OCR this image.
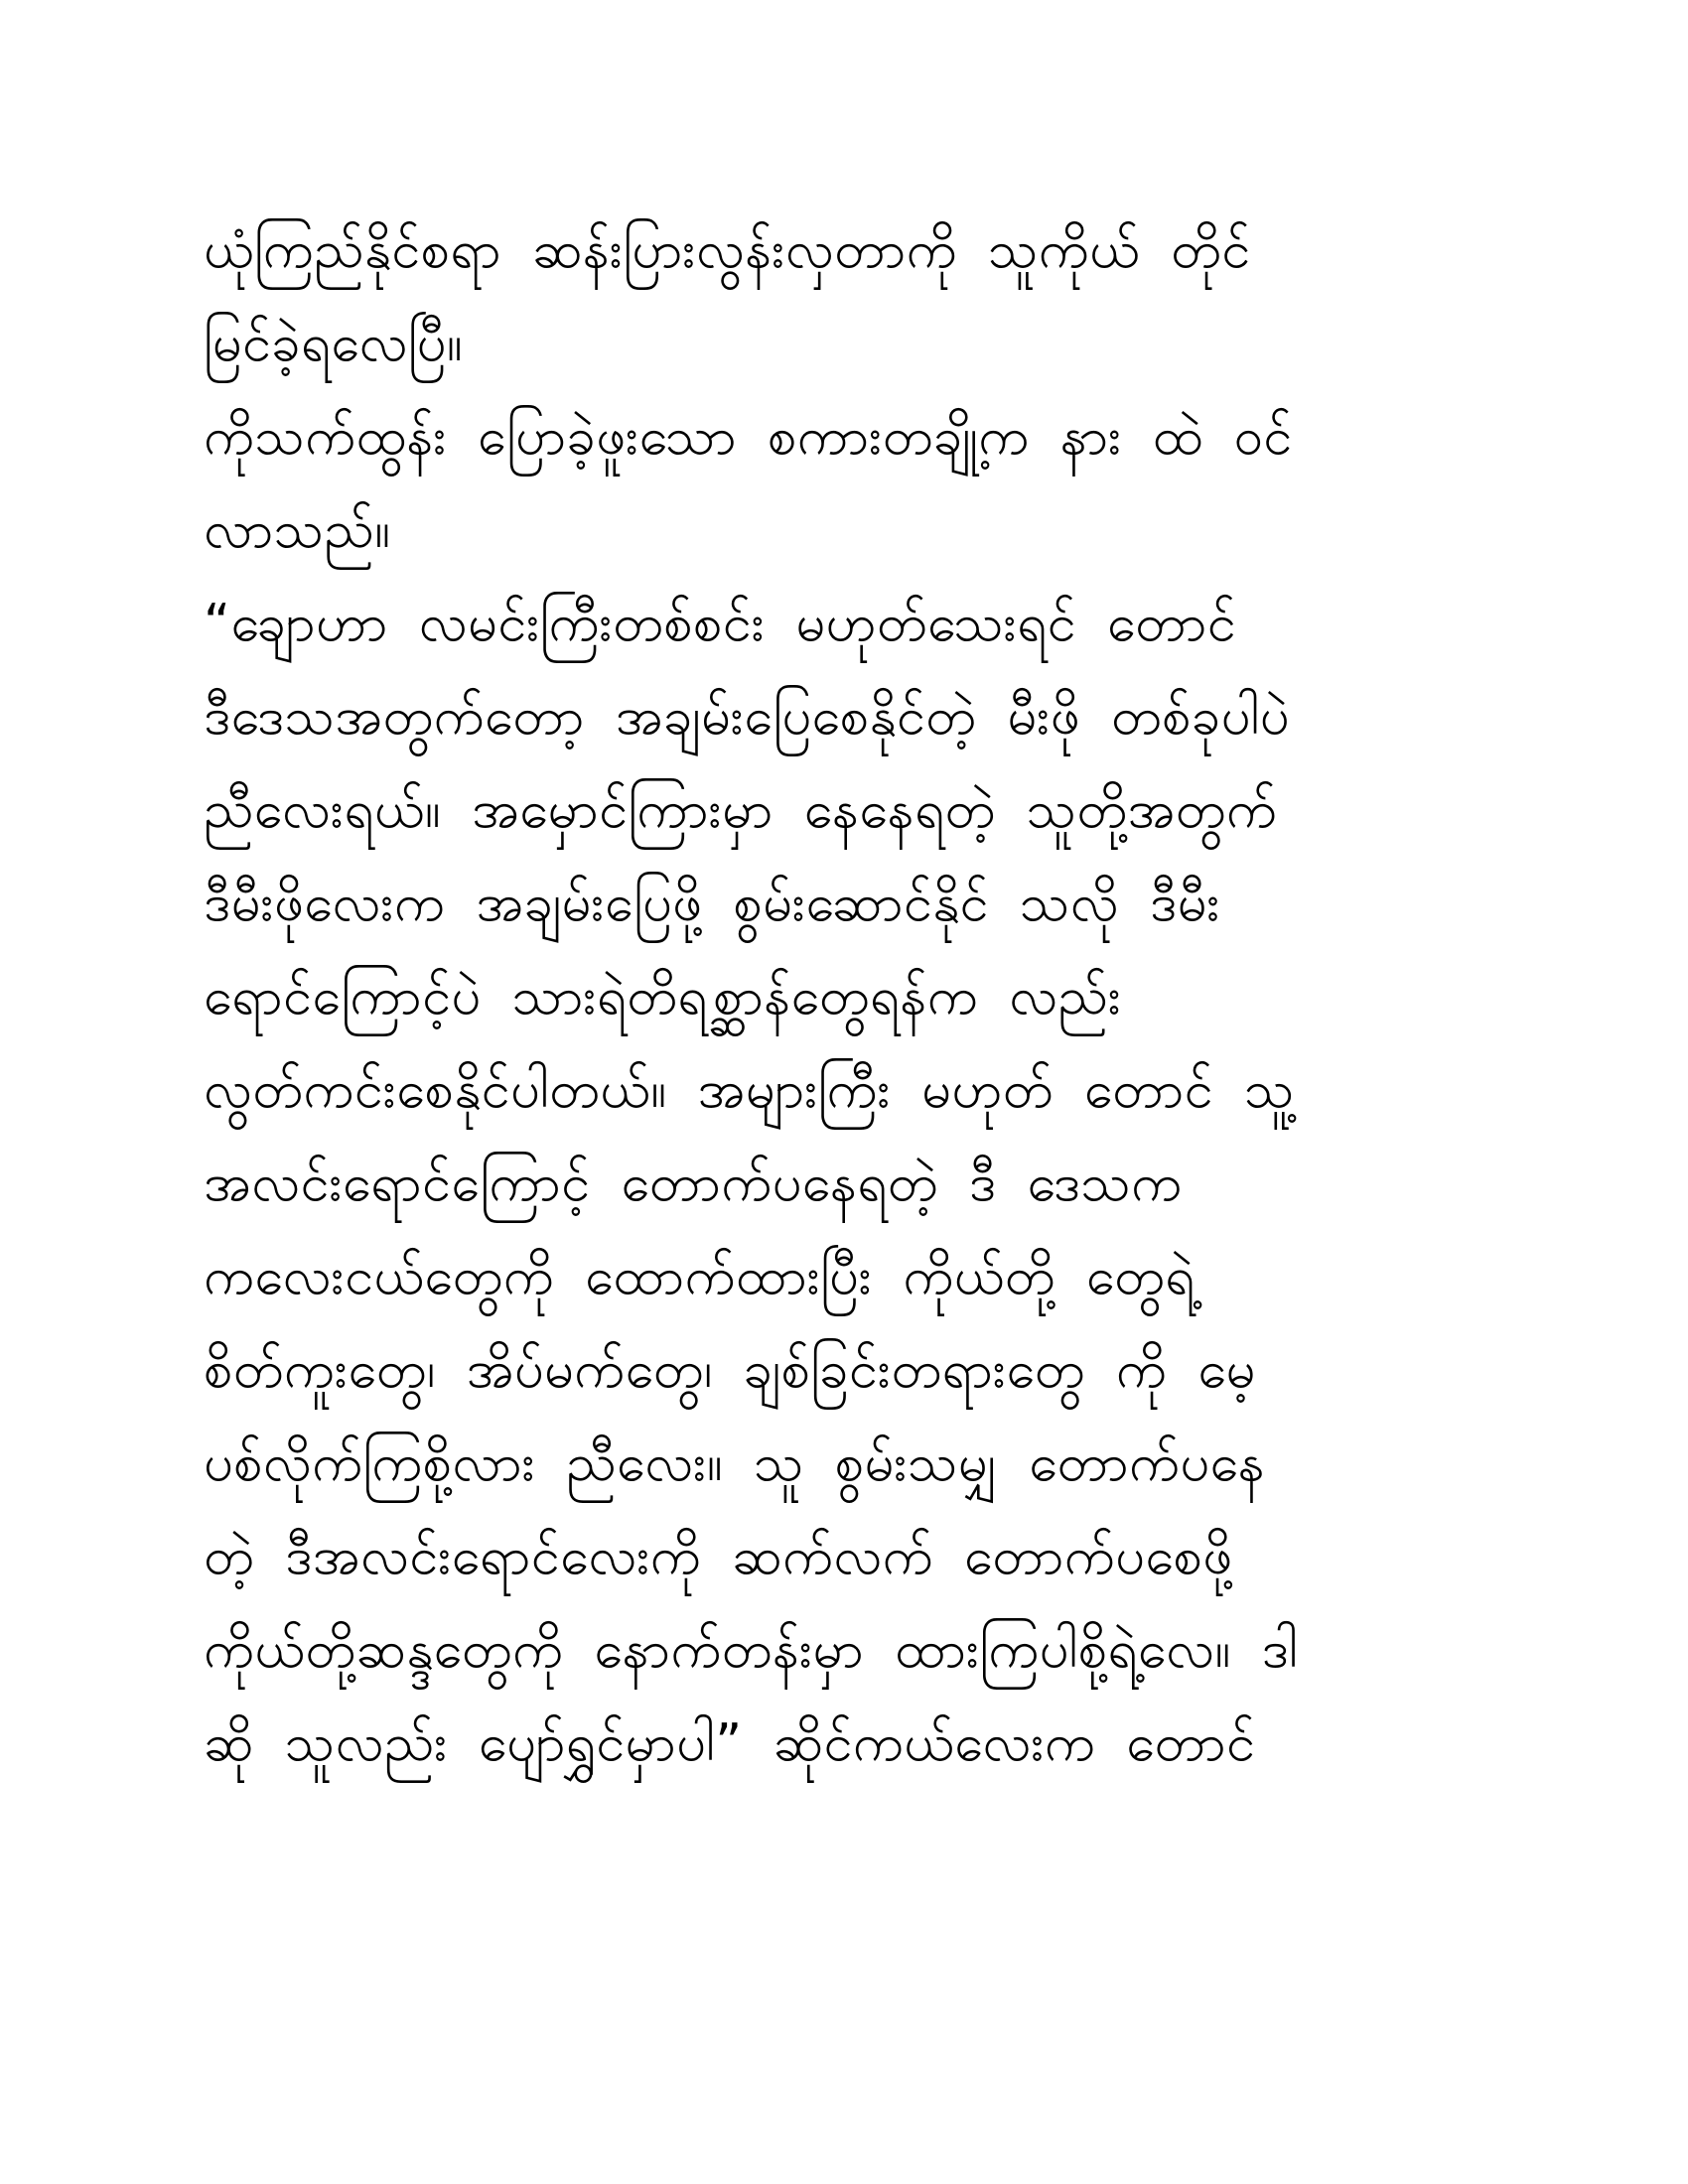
ယုံကြည်နိုင်စရာ ဆန်းပြားလွန်းလှတာကို သူကိုယ် တိုင်
မြင်ခဲ့ရလေပြီ။
ကိုသက်ထွန်း ပြောခဲ့ဖူးသော စကားတချို့က နား ထဲ ဝင်
လာသည်။
“ချောဟာ လမင်းကြီးတစ်စင်း မဟုတ်သေးရင် တောင်
ဒီဒေသအတွက်တော့ အချမ်းပြေစေနိုင်တဲ့ မီးဖို တစ်ခုပါပဲ
ညီလေးရယ်။ အမှောင်ကြားမှာ နေနေရတဲ့ သူတို့အတွက်
ဒီမီးဖိုလေးက အချမ်းပြေဖို့ စွမ်းဆောင်နိုင် သလို ဒီမီး
ရောင်ကြောင့်ပဲ သားရဲတိရစ္ဆာန်တွေရန်က လည်း
လွတ်ကင်းစေနိုင်ပါတယ်။ အများကြီး မဟုတ် တောင် သူ့
အလင်းရောင်ကြောင့် တောက်ပနေရတဲ့ ဒီ ဒေသက
ကလေးငယ်တွေကို ထောက်ထားပြီး ကိုယ်တို့ တွေရဲ့
စိတ်ကူးတွေ၊ အိပ်မက်တွေ၊ ချစ်ခြင်းတရားတွေ ကို မေ့
ပစ်လိုက်ကြစို့လား ညီလေး။ သူ စွမ်းသမျှ တောက်ပနေ
တဲ့ ဒီအလင်းရောင်လေးကို ဆက်လက် တောက်ပစေဖို့
ကိုယ်တို့ဆန္ဒတွေကို နောက်တန်းမှာ ထားကြပါစို့ရဲ့လေ။ ဒါ
ဆို သူလည်း ပျော်ရွှင်မှာပါ” ဆိုင်ကယ်လေးက တောင်
